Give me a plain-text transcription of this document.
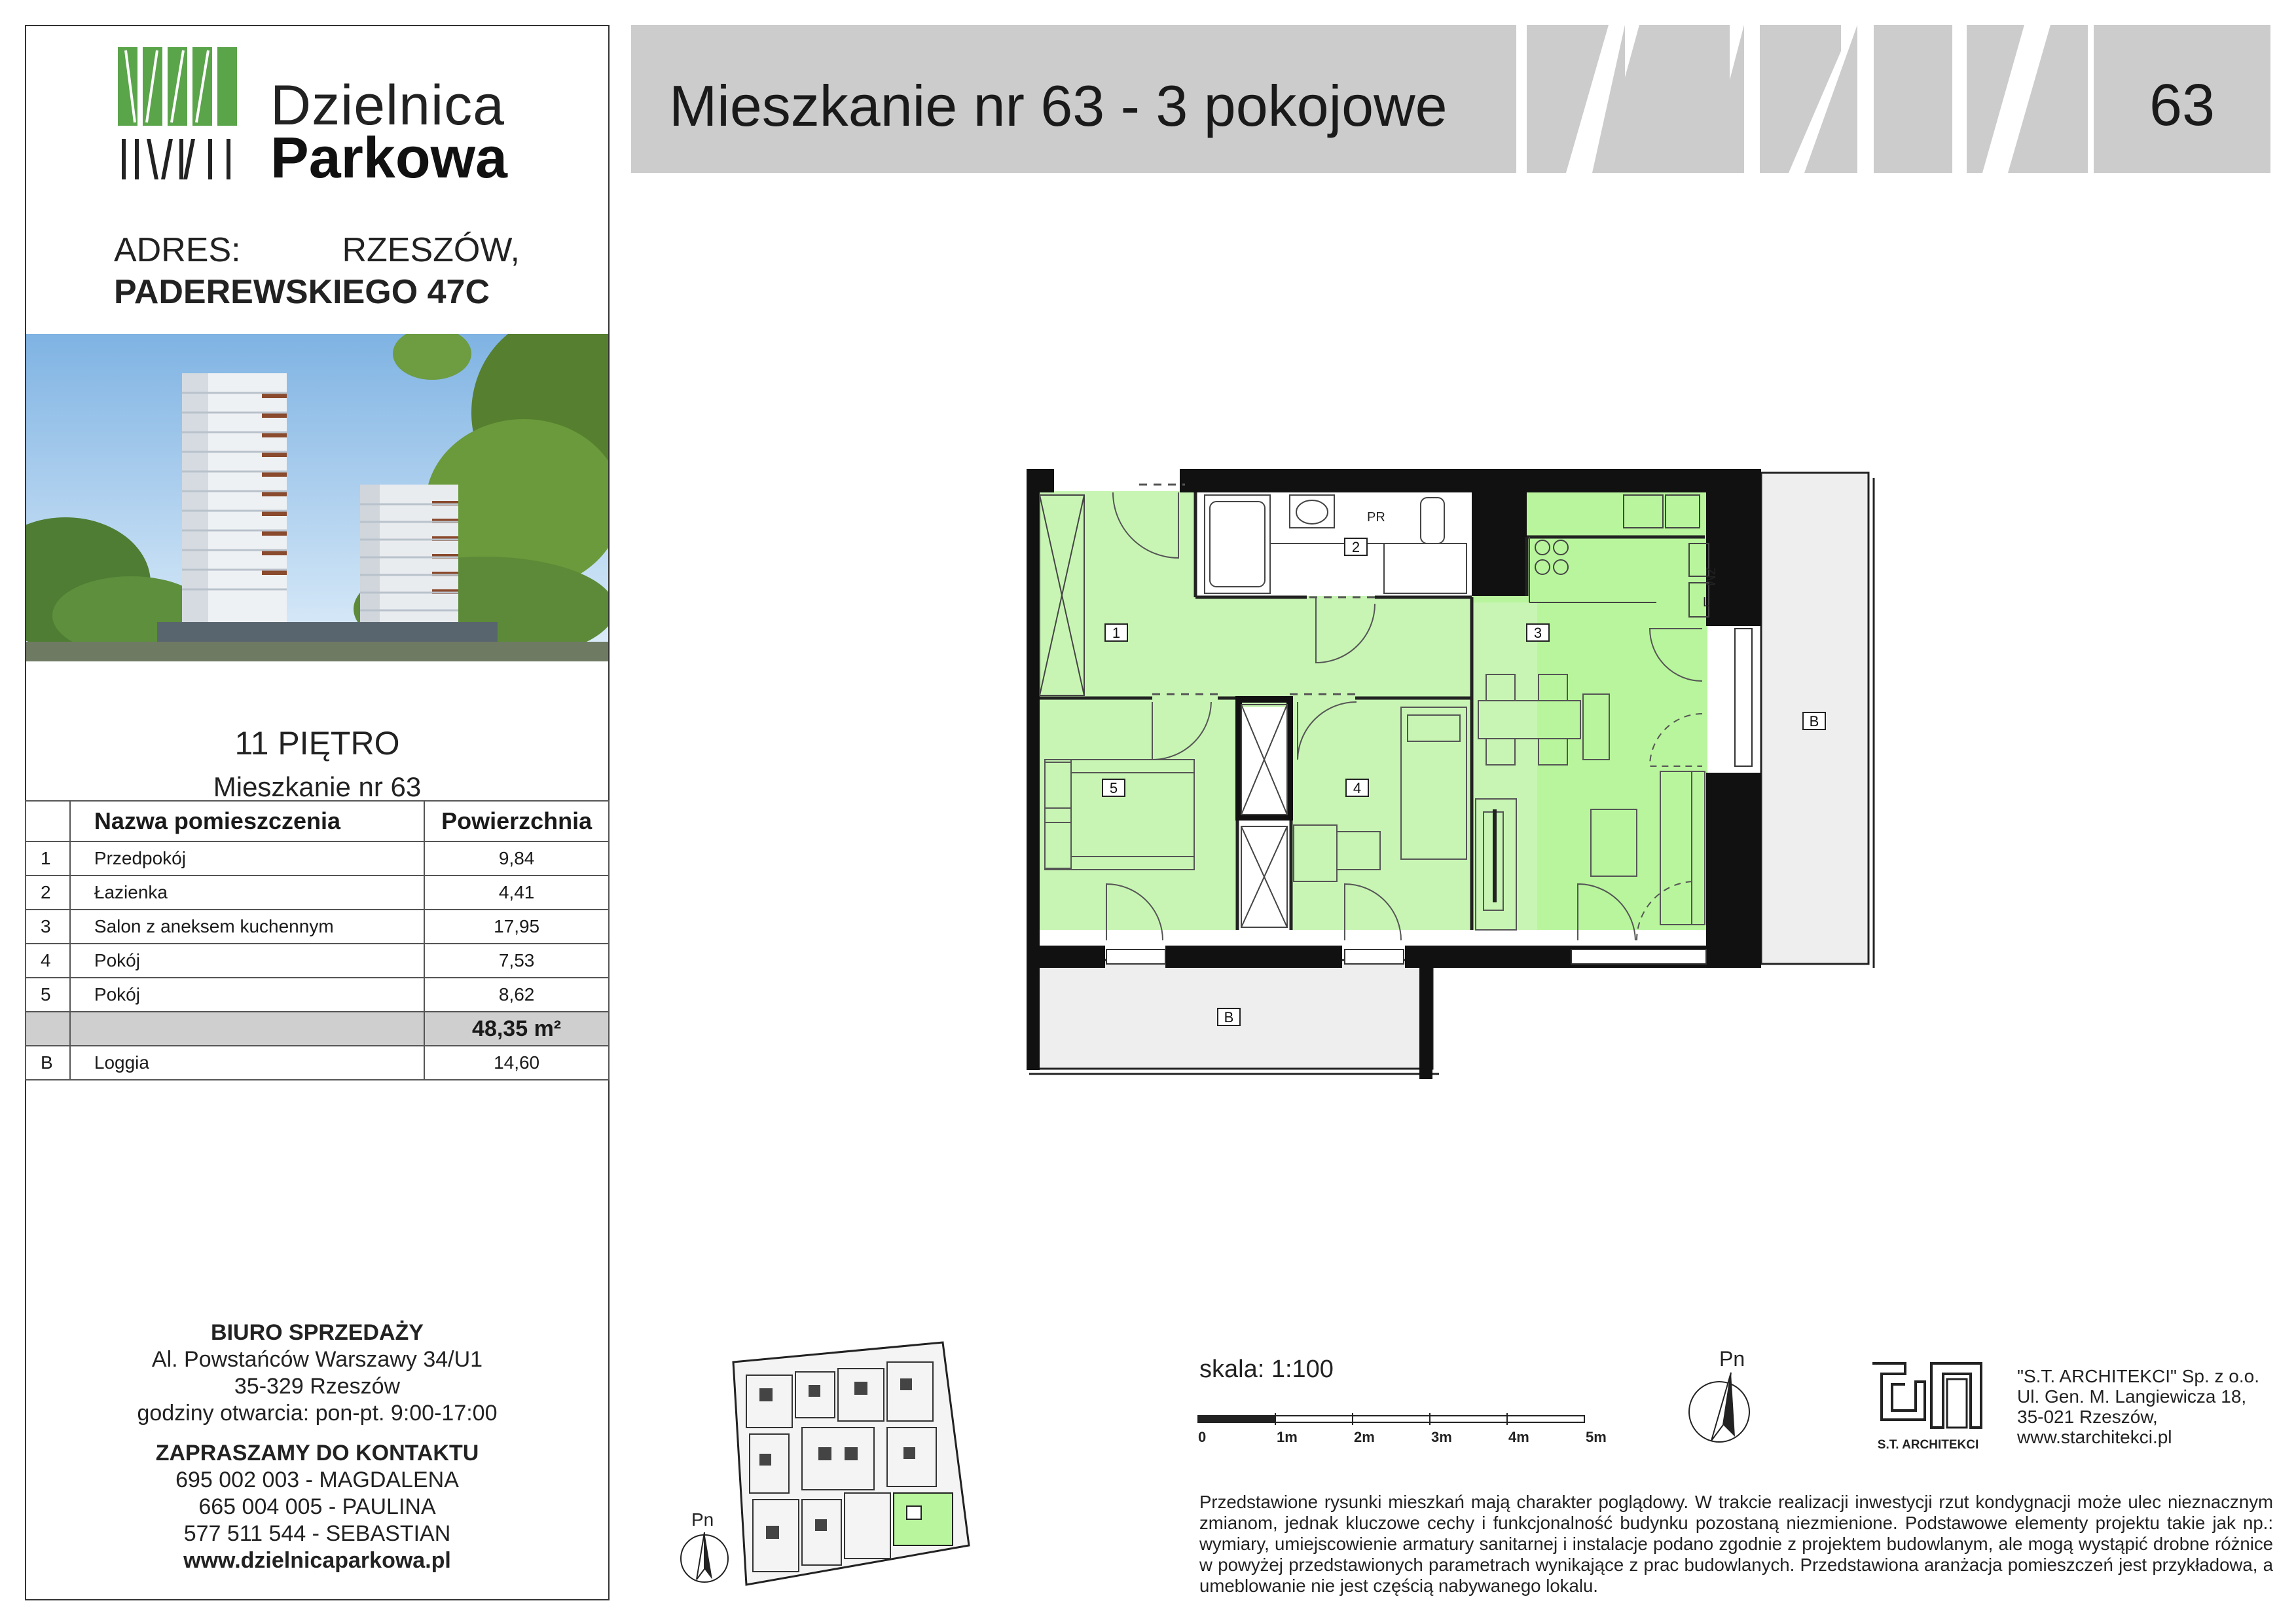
Dzielnica
Parkowa
ADRES:	RZESZÓW,
PADEREWSKIEGO 47C
11 PIĘTRO
Mieszkanie nr 63
	Nazwa pomieszczenia	Powierzchnia
1	Przedpokój	9,84
2	Łazienka	4,41
3	Salon z aneksem kuchennym	17,95
4	Pokój	7,53
5	Pokój	8,62
		48,35 m²
B	Loggia	14,60
BIURO SPRZEDAŻY
Al. Powstańców Warszawy 34/U1
35-329 Rzeszów
godziny otwarcia: pon-pt. 9:00-17:00
ZAPRASZAMY DO KONTAKTU
695 002 003 - MAGDALENA
665 004 005 - PAULINA
577 511 544 - SEBASTIAN
www.dzielnicaparkowa.pl
Mieszkanie nr 63 - 3 pokojowe	63
PR
ZM
L
1
2
3
4
5
B
B
Pn
skala: 1:100
0	1m	2m	3m	4m	5m
Pn
S.T. ARCHITEKCI
"S.T. ARCHITEKCI" Sp. z o.o.
Ul. Gen. M. Langiewicza 18,
35-021 Rzeszów,
www.starchitekci.pl
Przedstawione rysunki mieszkań mają charakter poglądowy. W trakcie realizacji inwestycji rzut kondygnacji może ulec nieznacznym zmianom, jednak kluczowe cechy i funkcjonalność budynku pozostaną niezmienione. Podstawowe elementy projektu takie jak np.: wymiary, umiejscowienie armatury sanitarnej i instalacje podano zgodnie z projektem budowlanym, ale mogą wystąpić drobne różnice w powyżej przedstawionych parametrach wynikające z prac budowlanych. Przedstawiona aranżacja pomieszczeń jest przykładowa, a umeblowanie nie jest częścią nabywanego lokalu.
